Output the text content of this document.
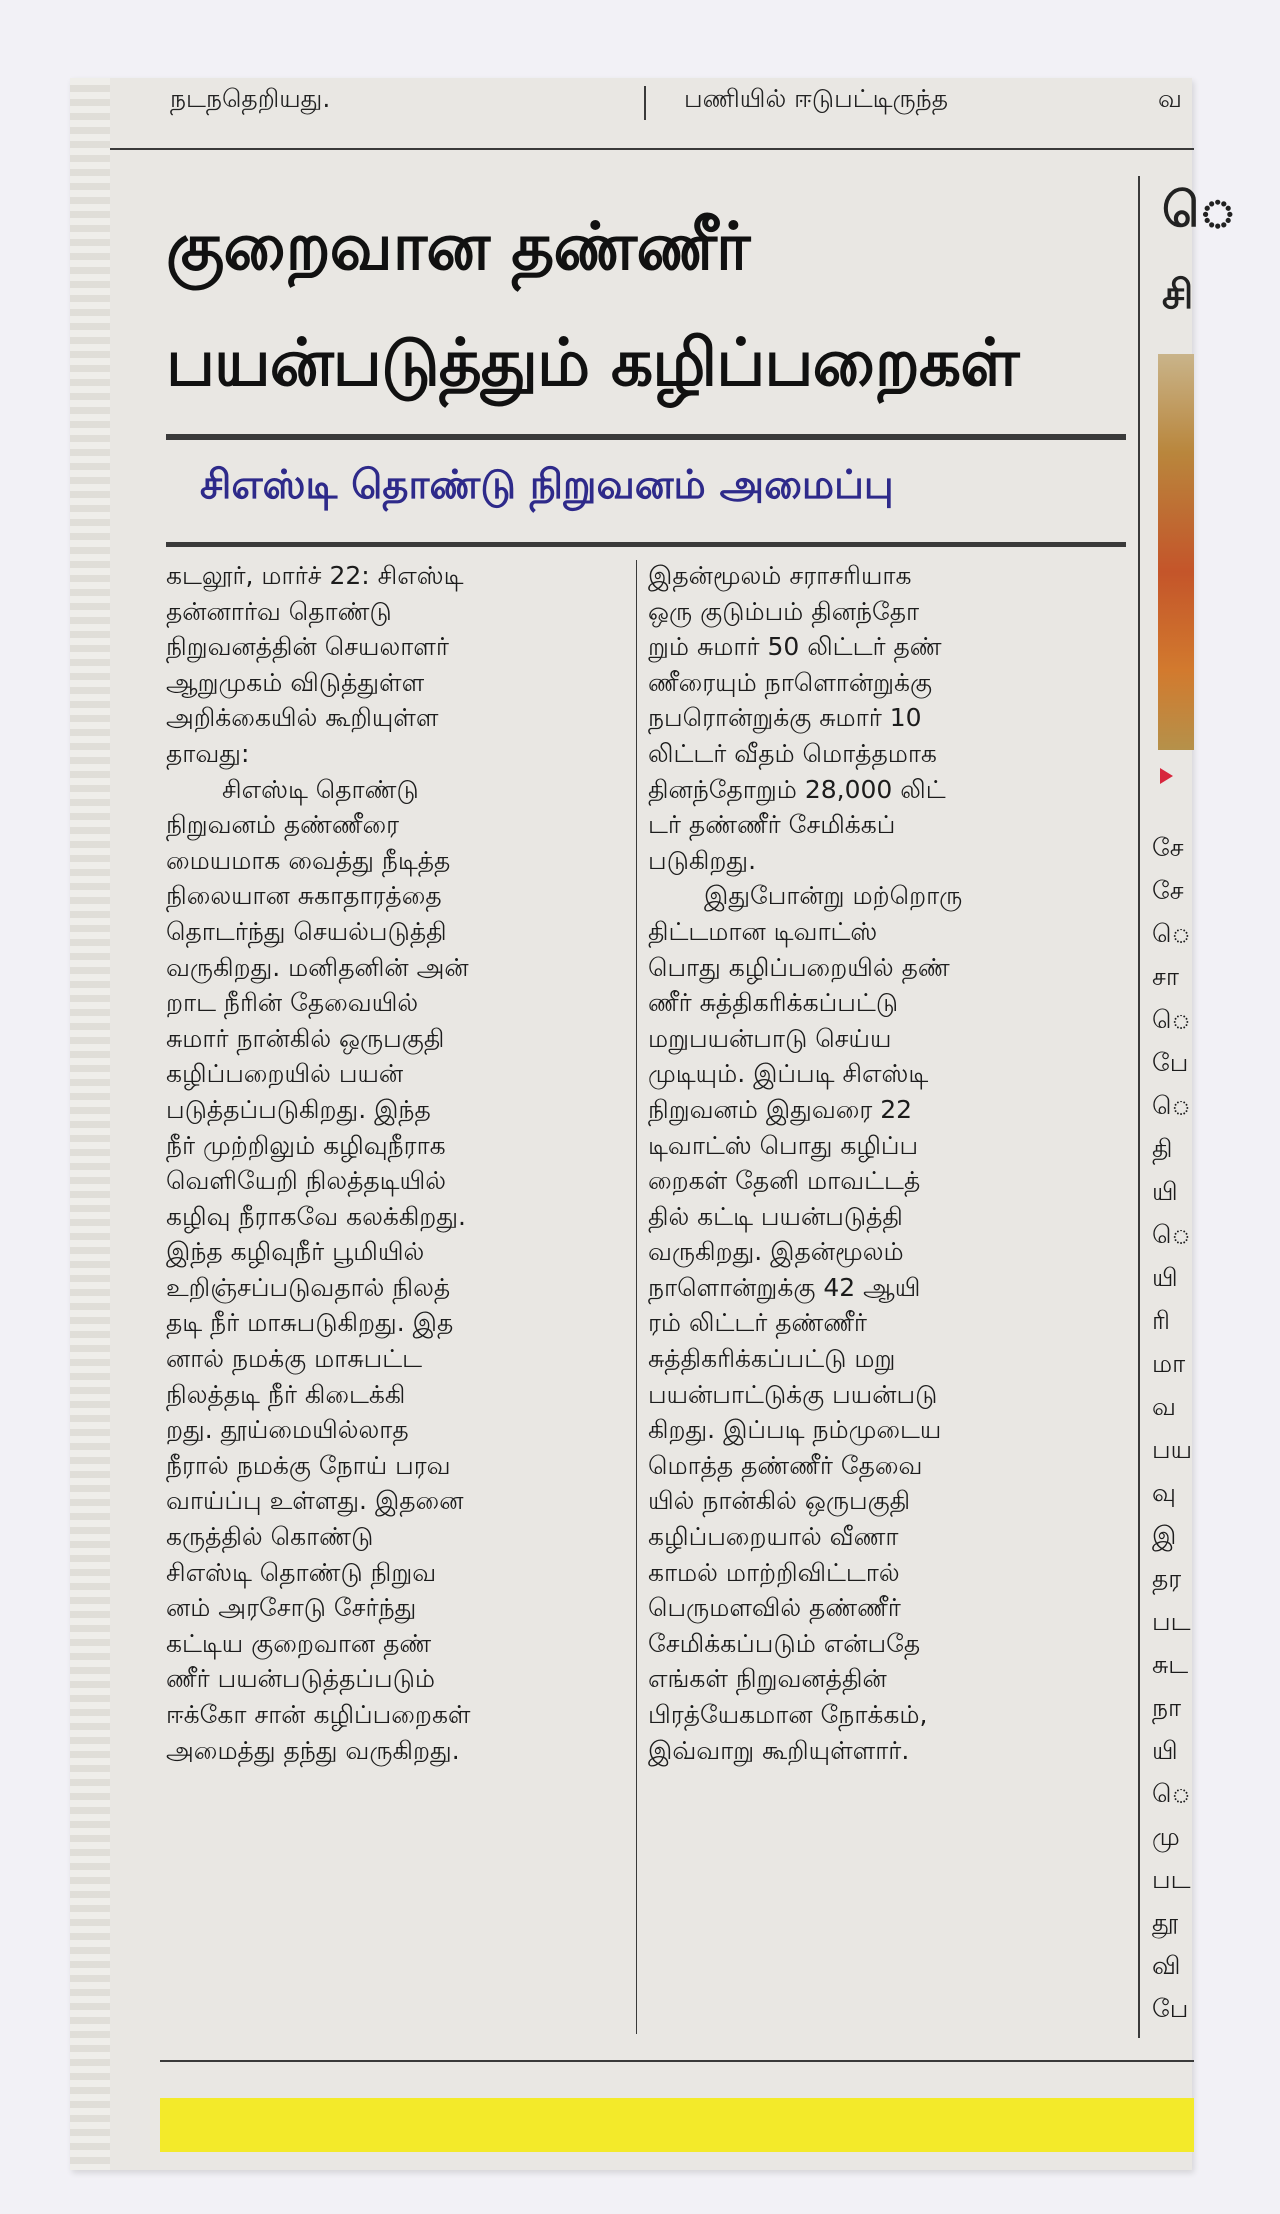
நடநதெறியது.	பணியில் ஈடுபட்டிருந்த	வ
குறைவான தண்ணீர்
பயன்படுத்தும் கழிப்பறைகள்
சிஎஸ்டி தொண்டு நிறுவனம் அமைப்பு
கடலூர், மார்ச் 22: சிஎஸ்டி
தன்னார்வ தொண்டு
நிறுவனத்தின் செயலாளர்
ஆறுமுகம் விடுத்துள்ள
அறிக்கையில் கூறியுள்ள
தாவது:
சிஎஸ்டி தொண்டு
நிறுவனம் தண்ணீரை
மையமாக வைத்து நீடித்த
நிலையான சுகாதாரத்தை
தொடர்ந்து செயல்படுத்தி
வருகிறது. மனிதனின் அன்
றாட நீரின் தேவையில்
சுமார் நான்கில் ஒருபகுதி
கழிப்பறையில் பயன்
படுத்தப்படுகிறது. இந்த
நீர் முற்றிலும் கழிவுநீராக
வெளியேறி நிலத்தடியில்
கழிவு நீராகவே கலக்கிறது.
இந்த கழிவுநீர் பூமியில்
உறிஞ்சப்படுவதால் நிலத்
தடி நீர் மாசுபடுகிறது. இத
னால் நமக்கு மாசுபட்ட
நிலத்தடி நீர் கிடைக்கி
றது. தூய்மையில்லாத
நீரால் நமக்கு நோய் பரவ
வாய்ப்பு உள்ளது. இதனை
கருத்தில் கொண்டு
சிஎஸ்டி தொண்டு நிறுவ
னம் அரசோடு சேர்ந்து
கட்டிய குறைவான தண்
ணீர் பயன்படுத்தப்படும்
ஈக்கோ சான் கழிப்பறைகள்
அமைத்து தந்து வருகிறது.
இதன்மூலம் சராசரியாக
ஒரு குடும்பம் தினந்தோ
றும் சுமார் 50 லிட்டர் தண்
ணீரையும் நாளொன்றுக்கு
நபரொன்றுக்கு சுமார் 10
லிட்டர் வீதம் மொத்தமாக
தினந்தோறும் 28,000 லிட்
டர் தண்ணீர் சேமிக்கப்
படுகிறது.
இதுபோன்று மற்றொரு
திட்டமான டிவாட்ஸ்
பொது கழிப்பறையில் தண்
ணீர் சுத்திகரிக்கப்பட்டு
மறுபயன்பாடு செய்ய
முடியும். இப்படி சிஎஸ்டி
நிறுவனம் இதுவரை 22
டிவாட்ஸ் பொது கழிப்ப
றைகள் தேனி மாவட்டத்
தில் கட்டி பயன்படுத்தி
வருகிறது. இதன்மூலம்
நாளொன்றுக்கு 42 ஆயி
ரம் லிட்டர் தண்ணீர்
சுத்திகரிக்கப்பட்டு மறு
பயன்பாட்டுக்கு பயன்படு
கிறது. இப்படி நம்முடைய
மொத்த தண்ணீர் தேவை
யில் நான்கில் ஒருபகுதி
கழிப்பறையால் வீணா
காமல் மாற்றிவிட்டால்
பெருமளவில் தண்ணீர்
சேமிக்கப்படும் என்பதே
எங்கள் நிறுவனத்தின்
பிரத்யேகமான நோக்கம்,
இவ்வாறு கூறியுள்ளார்.
ெ
சி
சே
சே
ெ
சா
ெ
பே
ெ
தி
யி
ெ
யி
ரி
மா
வ
பய
வு
இ
தர
பட
சுட
நா
யி
ெ
மு
பட
தூ
வி
பே
